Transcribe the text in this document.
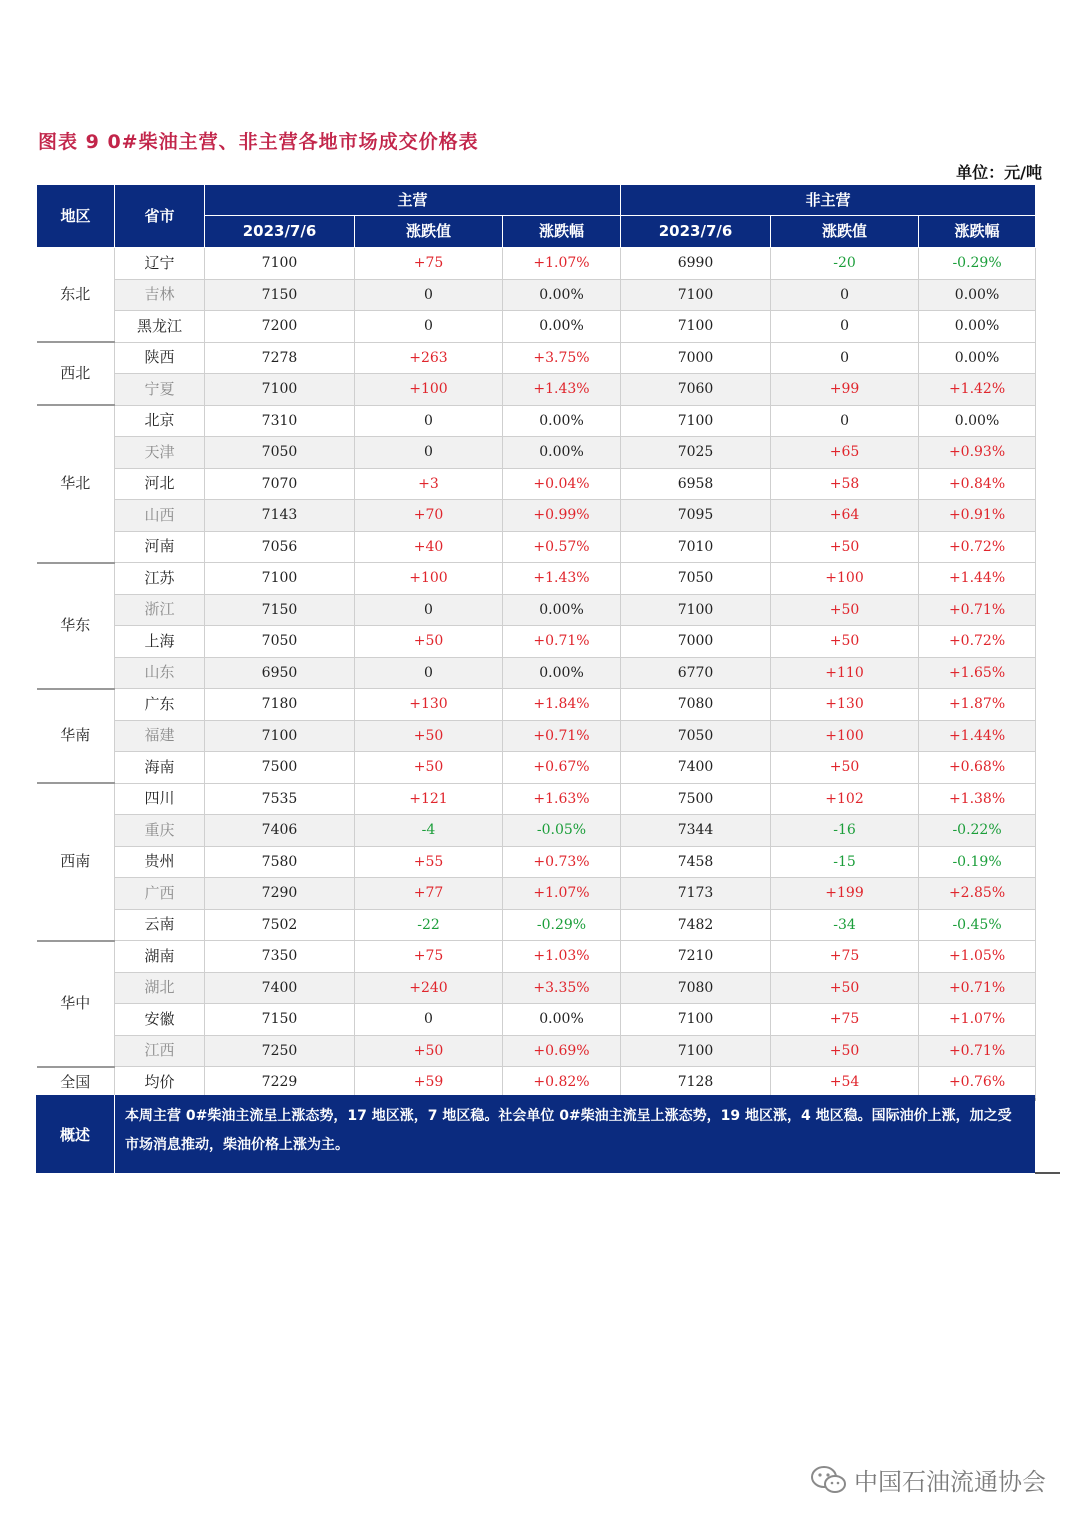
图表 9 0#柴油主营、非主营各地市场成交价格表
单位：元/吨
地区	省市	主营			非主营		
		2023/7/6	涨跌值	涨跌幅	2023/7/6	涨跌值	涨跌幅
东北	辽宁	7100	+75	+1.07%	6990	-20	-0.29%
	吉林	7150	0	0.00%	7100	0	0.00%
	黑龙江	7200	0	0.00%	7100	0	0.00%
西北	陕西	7278	+263	+3.75%	7000	0	0.00%
	宁夏	7100	+100	+1.43%	7060	+99	+1.42%
华北	北京	7310	0	0.00%	7100	0	0.00%
	天津	7050	0	0.00%	7025	+65	+0.93%
	河北	7070	+3	+0.04%	6958	+58	+0.84%
	山西	7143	+70	+0.99%	7095	+64	+0.91%
	河南	7056	+40	+0.57%	7010	+50	+0.72%
华东	江苏	7100	+100	+1.43%	7050	+100	+1.44%
	浙江	7150	0	0.00%	7100	+50	+0.71%
	上海	7050	+50	+0.71%	7000	+50	+0.72%
	山东	6950	0	0.00%	6770	+110	+1.65%
华南	广东	7180	+130	+1.84%	7080	+130	+1.87%
	福建	7100	+50	+0.71%	7050	+100	+1.44%
	海南	7500	+50	+0.67%	7400	+50	+0.68%
西南	四川	7535	+121	+1.63%	7500	+102	+1.38%
	重庆	7406	-4	-0.05%	7344	-16	-0.22%
	贵州	7580	+55	+0.73%	7458	-15	-0.19%
	广西	7290	+77	+1.07%	7173	+199	+2.85%
	云南	7502	-22	-0.29%	7482	-34	-0.45%
华中	湖南	7350	+75	+1.03%	7210	+75	+1.05%
	湖北	7400	+240	+3.35%	7080	+50	+0.71%
	安徽	7150	0	0.00%	7100	+75	+1.07%
	江西	7250	+50	+0.69%	7100	+50	+0.71%
全国	均价	7229	+59	+0.82%	7128	+54	+0.76%
概述
本周主营 0#柴油主流呈上涨态势，17 地区涨，7 地区稳。社会单位 0#柴油主流呈上涨态势，19 地区涨，4 地区稳。国际油价上涨，加之受市场消息推动，柴油价格上涨为主。
中国石油流通协会
